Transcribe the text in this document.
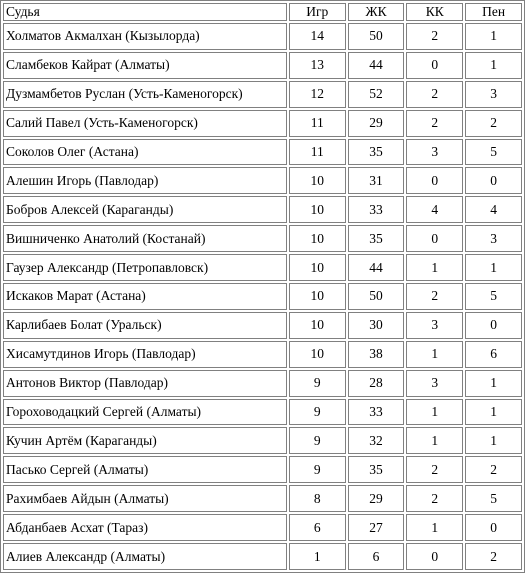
Судья	Игр	ЖК	КК	Пен
Холматов Акмалхан (Кызылорда)	14	50	2	1
Сламбеков Кайрат (Алматы)	13	44	0	1
Дузмамбетов Руслан (Усть-Каменогорск)	12	52	2	3
Салий Павел (Усть-Каменогорск)	11	29	2	2
Соколов Олег (Астана)	11	35	3	5
Алешин Игорь (Павлодар)	10	31	0	0
Бобров Алексей (Караганды)	10	33	4	4
Вишниченко Анатолий (Костанай)	10	35	0	3
Гаузер Александр (Петропавловск)	10	44	1	1
Искаков Марат (Астана)	10	50	2	5
Карлибаев Болат (Уральск)	10	30	3	0
Хисамутдинов Игорь (Павлодар)	10	38	1	6
Антонов Виктор (Павлодар)	9	28	3	1
Гороховодацкий Сергей (Алматы)	9	33	1	1
Кучин Артём (Караганды)	9	32	1	1
Пасько Сергей (Алматы)	9	35	2	2
Рахимбаев Айдын (Алматы)	8	29	2	5
Абданбаев Асхат (Тараз)	6	27	1	0
Алиев Александр (Алматы)	1	6	0	2
